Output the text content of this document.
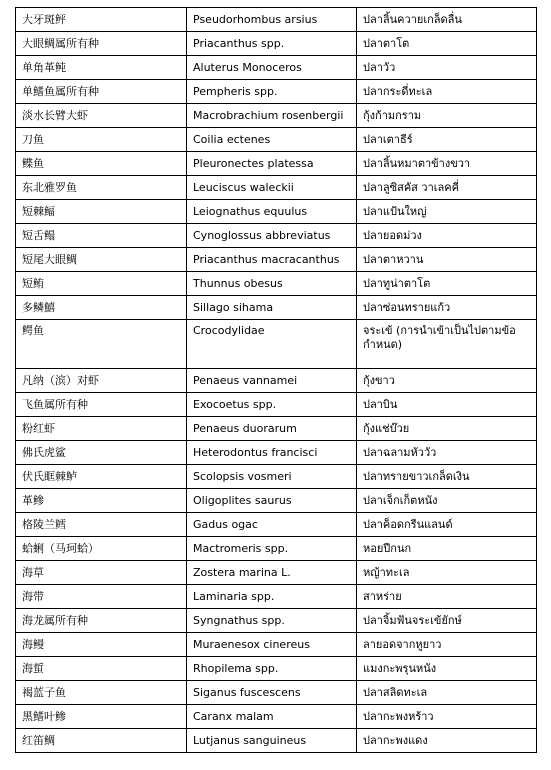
大牙斑鲆	Pseudorhombus arsius	ปลาลิ้นควายเกล็ดลื่น
大眼鲷属所有种	Priacanthus spp.	ปลาตาโต
单角革鲀	Aluterus Monoceros	ปลาวัว
单鳍鱼属所有种	Pempheris spp.	ปลากระดี่ทะเล
淡水长臂大虾	Macrobrachium rosenbergii	กุ้งก้ามกราม
刀鱼	Coilia ectenes	ปลาเตาธีร์
鲽鱼	Pleuronectes platessa	ปลาลิ้นหมาตาข้างขวา
东北雅罗鱼	Leuciscus waleckii	ปลาลูซิสคัส วาเลคคี่
短棘鲾	Leiognathus equulus	ปลาแป้นใหญ่
短舌鳎	Cynoglossus abbreviatus	ปลายอดม่วง
短尾大眼鲷	Priacanthus macracanthus	ปลาตาหวาน
短鲔	Thunnus obesus	ปลาทูน่าตาโต
多鳞鱚	Sillago sihama	ปลาซ่อนทรายแก้ว
鳄鱼	Crocodylidae	จระเข้ (การนำเข้าเป็นไปตามข้อกำหนด)
凡纳（滨）对虾	Penaeus vannamei	กุ้งขาว
飞鱼属所有种	Exocoetus spp.	ปลาบิน
粉红虾	Penaeus duorarum	กุ้งแช่บ๊วย
佛氏虎鲨	Heterodontus francisci	ปลาฉลามหัววัว
伏氏眶棘鲈	Scolopsis vosmeri	ปลาทรายขาวเกล็ดเงิน
革鲹	Oligoplites saurus	ปลาเจ็กเก็ตหนัง
格陵兰鳕	Gadus ogac	ปลาค็อดกรีนแลนด์
蛤蜊（马珂蛤）	Mactromeris spp.	หอยปีกนก
海草	Zostera marina L.	หญ้าทะเล
海带	Laminaria spp.	สาหร่าย
海龙属所有种	Syngnathus spp.	ปลาจิ้มฟันจระเข้ยักษ์
海鳗	Muraenesox cinereus	ลายอดจากหูยาว
海蜇	Rhopilema spp.	แมงกะพรุนหนัง
褐蓝子鱼	Siganus fuscescens	ปลาสลิดทะเล
黑鳍叶鲹	Caranx malam	ปลากะพงหร้าว
红笛鲷	Lutjanus sanguineus	ปลากะพงแดง
